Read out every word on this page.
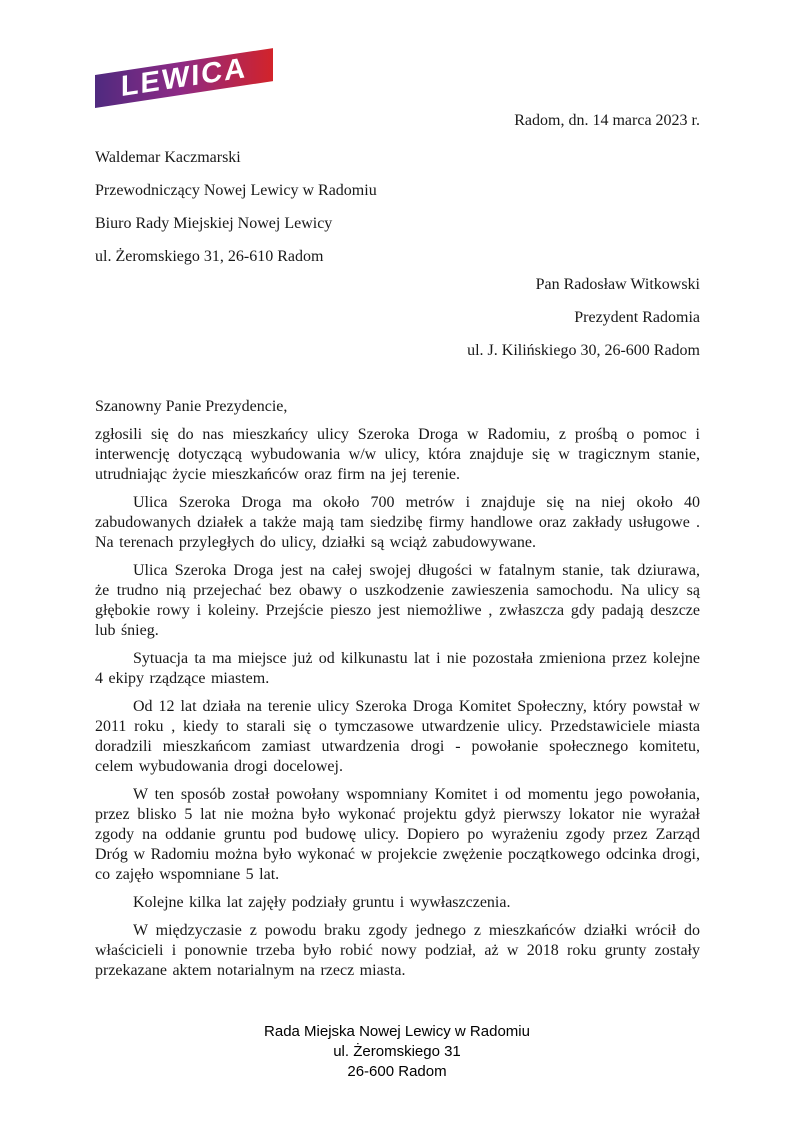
LEWICA
Radom, dn. 14 marca 2023 r.
Waldemar Kaczmarski
Przewodniczący Nowej Lewicy w Radomiu
Biuro Rady Miejskiej Nowej Lewicy
ul. Żeromskiego 31, 26-610 Radom
Pan Radosław Witkowski
Prezydent Radomia
ul. J. Kilińskiego 30, 26-600 Radom

Szanowny Panie Prezydencie,

zgłosili się do nas mieszkańcy ulicy Szeroka Droga w Radomiu, z prośbą o pomoc i interwencję dotyczącą wybudowania w/w ulicy, która znajduje się w tragicznym stanie, utrudniając życie mieszkańców oraz firm na jej terenie.

Ulica Szeroka Droga ma około 700 metrów i znajduje się na niej około 40 zabudowanych działek a także mają tam siedzibę firmy handlowe oraz zakłady usługowe . Na terenach przyległych do ulicy, działki są wciąż zabudowywane.

Ulica Szeroka Droga jest na całej swojej długości w fatalnym stanie, tak dziurawa, że trudno nią przejechać bez obawy o uszkodzenie zawieszenia samochodu. Na ulicy są głębokie rowy i koleiny. Przejście pieszo jest niemożliwe , zwłaszcza gdy padają deszcze lub śnieg.

Sytuacja ta ma miejsce już od kilkunastu lat i nie pozostała zmieniona przez kolejne 4 ekipy rządzące miastem.

Od 12 lat działa na terenie ulicy Szeroka Droga Komitet Społeczny, który powstał w 2011 roku , kiedy to starali się o tymczasowe utwardzenie ulicy. Przedstawiciele miasta doradzili mieszkańcom zamiast utwardzenia drogi - powołanie społecznego komitetu, celem wybudowania drogi docelowej.

W ten sposób został powołany wspomniany Komitet i od momentu jego powołania, przez blisko 5 lat nie można było wykonać projektu gdyż pierwszy lokator nie wyrażał zgody na oddanie gruntu pod budowę ulicy. Dopiero po wyrażeniu zgody przez Zarząd Dróg w Radomiu można było wykonać w projekcie zwężenie początkowego odcinka drogi, co zajęło wspomniane 5 lat.

Kolejne kilka lat zajęły podziały gruntu i wywłaszczenia.

W międzyczasie z powodu braku zgody jednego z mieszkańców działki wrócił do właścicieli i ponownie trzeba było robić nowy podział, aż w 2018 roku grunty zostały przekazane aktem notarialnym na rzecz miasta.

Rada Miejska Nowej Lewicy w Radomiu
ul. Żeromskiego 31
26-600 Radom
